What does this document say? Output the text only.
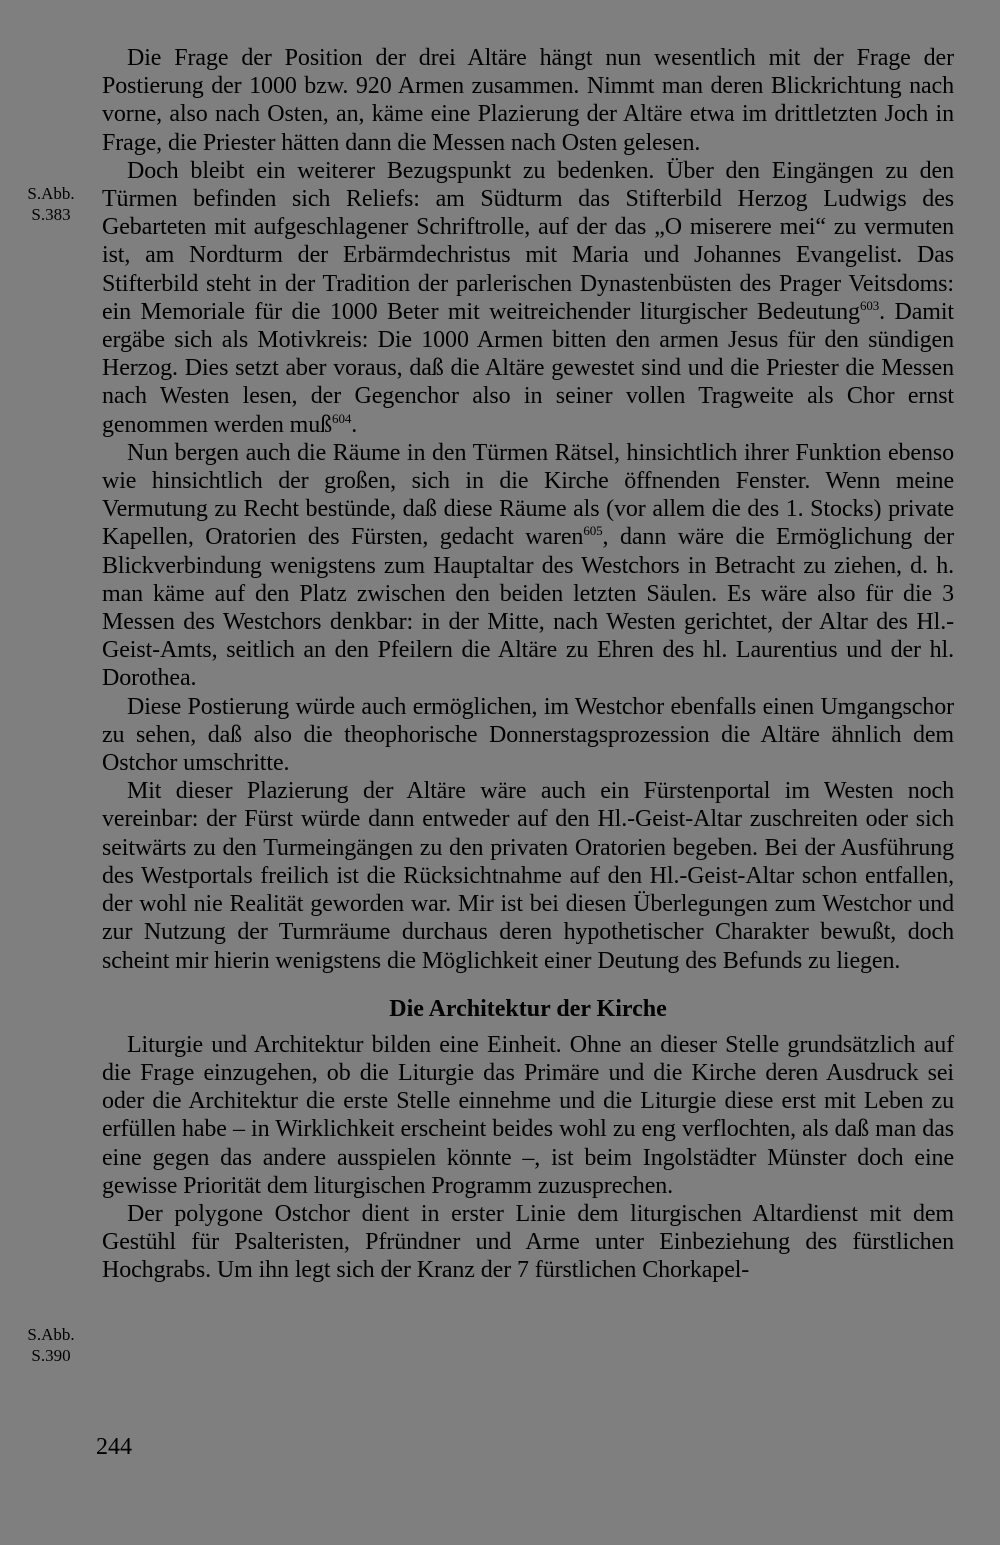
S.Abb.
S.383
S.Abb.
S.390

Die Frage der Position der drei Altäre hängt nun wesentlich mit der Frage der Postierung der 1000 bzw. 920 Armen zusammen. Nimmt man deren Blickrichtung nach vorne, also nach Osten, an, käme eine Plazierung der Altäre etwa im drittletzten Joch in Frage, die Priester hätten dann die Messen nach Osten gelesen.

Doch bleibt ein weiterer Bezugspunkt zu bedenken. Über den Eingängen zu den Türmen befinden sich Reliefs: am Südturm das Stifterbild Herzog Ludwigs des Gebarteten mit aufgeschlagener Schriftrolle, auf der das „O miserere mei“ zu vermuten ist, am Nordturm der Erbärmdechristus mit Maria und Johannes Evangelist. Das Stifterbild steht in der Tradition der parlerischen Dynastenbüsten des Prager Veitsdoms: ein Memoriale für die 1000 Beter mit weitreichender liturgischer Bedeutung$^{603}$. Damit ergäbe sich als Motivkreis: Die 1000 Armen bitten den armen Jesus für den sündigen Herzog. Dies setzt aber voraus, daß die Altäre gewestet sind und die Priester die Messen nach Westen lesen, der Gegenchor also in seiner vollen Tragweite als Chor ernst genommen werden muß$^{604}$.

Nun bergen auch die Räume in den Türmen Rätsel, hinsichtlich ihrer Funktion ebenso wie hinsichtlich der großen, sich in die Kirche öffnenden Fenster. Wenn meine Vermutung zu Recht bestünde, daß diese Räume als (vor allem die des 1. Stocks) private Kapellen, Oratorien des Fürsten, gedacht waren$^{605}$, dann wäre die Ermöglichung der Blickverbindung wenigstens zum Hauptaltar des Westchors in Betracht zu ziehen, d. h. man käme auf den Platz zwischen den beiden letzten Säulen. Es wäre also für die 3 Messen des Westchors denkbar: in der Mitte, nach Westen gerichtet, der Altar des Hl.-Geist-Amts, seitlich an den Pfeilern die Altäre zu Ehren des hl. Laurentius und der hl. Dorothea.

Diese Postierung würde auch ermöglichen, im Westchor ebenfalls einen Umgangschor zu sehen, daß also die theophorische Donnerstagsprozession die Altäre ähnlich dem Ostchor umschritte.

Mit dieser Plazierung der Altäre wäre auch ein Fürstenportal im Westen noch vereinbar: der Fürst würde dann entweder auf den Hl.-Geist-Altar zuschreiten oder sich seitwärts zu den Turmeingängen zu den privaten Oratorien begeben. Bei der Ausführung des Westportals freilich ist die Rücksichtnahme auf den Hl.-Geist-Altar schon entfallen, der wohl nie Realität geworden war. Mir ist bei diesen Überlegungen zum Westchor und zur Nutzung der Turmräume durchaus deren hypothetischer Charakter bewußt, doch scheint mir hierin wenigstens die Möglichkeit einer Deutung des Befunds zu liegen.

Die Architektur der Kirche

Liturgie und Architektur bilden eine Einheit. Ohne an dieser Stelle grundsätzlich auf die Frage einzugehen, ob die Liturgie das Primäre und die Kirche deren Ausdruck sei oder die Architektur die erste Stelle einnehme und die Liturgie diese erst mit Leben zu erfüllen habe – in Wirklichkeit erscheint beides wohl zu eng verflochten, als daß man das eine gegen das andere ausspielen könnte –, ist beim Ingolstädter Münster doch eine gewisse Priorität dem liturgischen Programm zuzusprechen.

Der polygone Ostchor dient in erster Linie dem liturgischen Altardienst mit dem Gestühl für Psalteristen, Pfründner und Arme unter Einbeziehung des fürstlichen Hochgrabs. Um ihn legt sich der Kranz der 7 fürstlichen Chorkapel-

244
